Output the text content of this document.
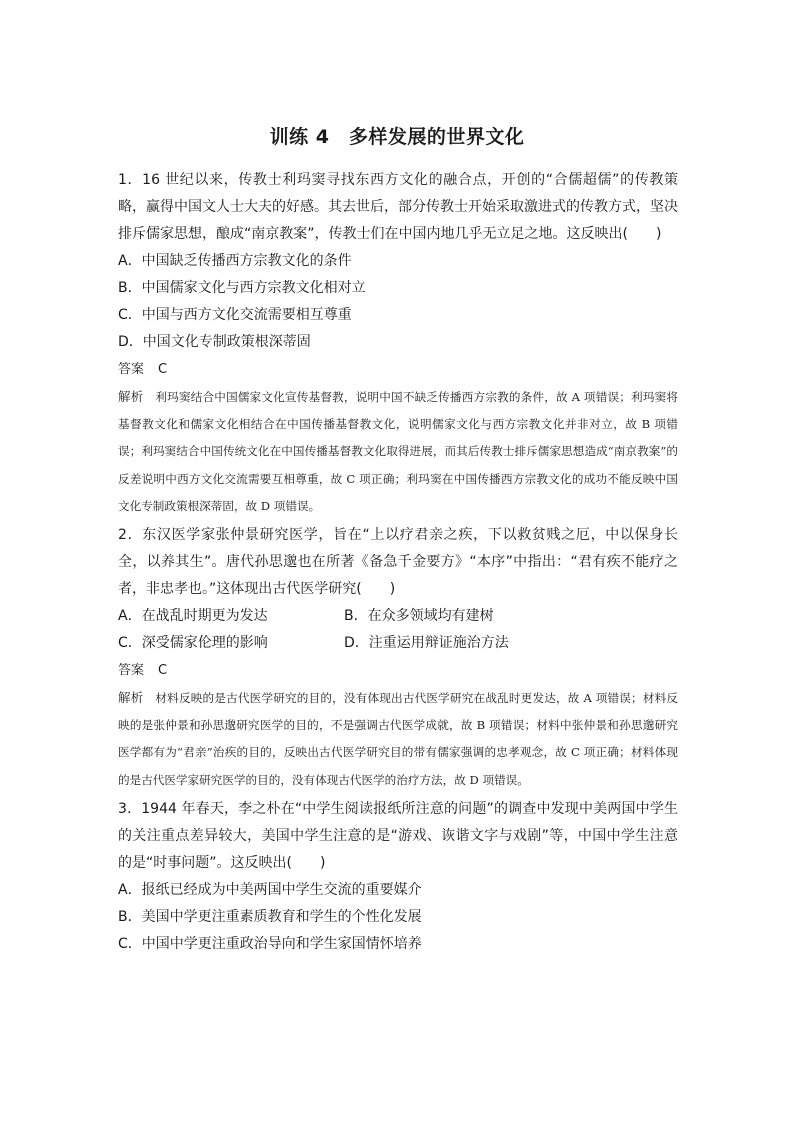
训练 4　多样发展的世界文化

1．16 世纪以来，传教士利玛窦寻找东西方文化的融合点，开创的“合儒超儒”的传教策略，赢得中国文人士大夫的好感。其去世后，部分传教士开始采取激进式的传教方式，坚决排斥儒家思想，酿成“南京教案”，传教士们在中国内地几乎无立足之地。这反映出(　　)

A．中国缺乏传播西方宗教文化的条件

B．中国儒家文化与西方宗教文化相对立

C．中国与西方文化交流需要相互尊重

D．中国文化专制政策根深蒂固

答案 C

解析 利玛窦结合中国儒家文化宣传基督教，说明中国不缺乏传播西方宗教的条件，故 A 项错误；利玛窦将基督教文化和儒家文化相结合在中国传播基督教文化，说明儒家文化与西方宗教文化并非对立，故 B 项错误；利玛窦结合中国传统文化在中国传播基督教文化取得进展，而其后传教士排斥儒家思想造成“南京教案”的反差说明中西方文化交流需要互相尊重，故 C 项正确；利玛窦在中国传播西方宗教文化的成功不能反映中国文化专制政策根深蒂固，故 D 项错误。

2．东汉医学家张仲景研究医学，旨在“上以疗君亲之疾，下以救贫贱之厄，中以保身长全，以养其生”。唐代孙思邈也在所著《备急千金要方》“本序”中指出：“君有疾不能疗之者，非忠孝也。”这体现出古代医学研究(　　)

A．在战乱时期更为发达	B．在众多领域均有建树
C．深受儒家伦理的影响	D．注重运用辩证施治方法

答案 C

解析 材料反映的是古代医学研究的目的，没有体现出古代医学研究在战乱时更发达，故 A 项错误；材料反映的是张仲景和孙思邈研究医学的目的，不是强调古代医学成就，故 B 项错误；材料中张仲景和孙思邈研究医学都有为“君亲”治疾的目的，反映出古代医学研究目的带有儒家强调的忠孝观念，故 C 项正确；材料体现的是古代医学家研究医学的目的，没有体现古代医学的治疗方法，故 D 项错误。

3．1944 年春天，李之朴在“中学生阅读报纸所注意的问题”的调查中发现中美两国中学生的关注重点差异较大，美国中学生注意的是“游戏、诙谐文字与戏剧”等，中国中学生注意的是“时事问题”。这反映出(　　)

A．报纸已经成为中美两国中学生交流的重要媒介

B．美国中学更注重素质教育和学生的个性化发展

C．中国中学更注重政治导向和学生家国情怀培养
